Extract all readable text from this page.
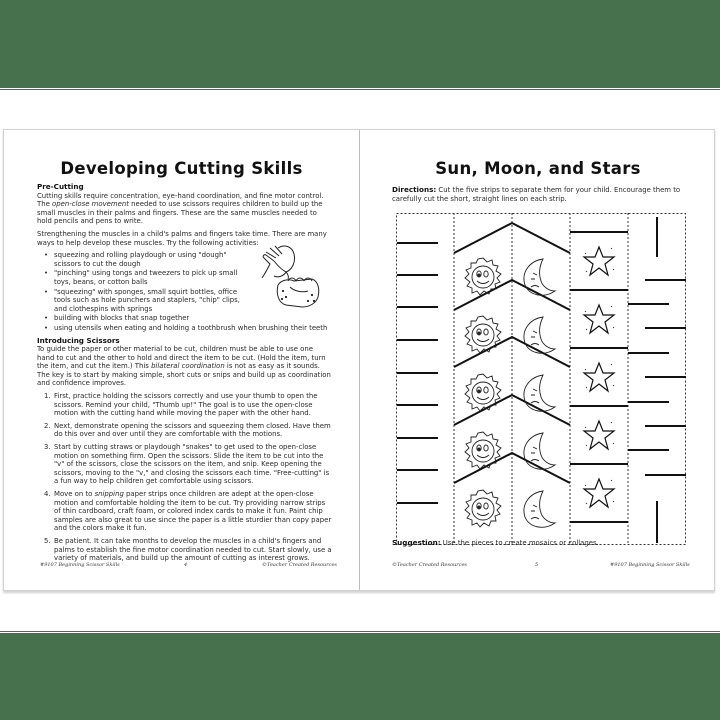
Developing Cutting Skills
Pre-Cutting
Cutting skills require concentration, eye-hand coordination, and fine motor control. The open-close movement needed to use scissors requires children to build up the small muscles in their palms and fingers. These are the same muscles needed to hold pencils and pens to write.
Strengthening the muscles in a child's palms and fingers take time. There are many ways to help develop these muscles. Try the following activities:
• squeezing and rolling playdough or using "dough" scissors to cut the dough
• "pinching" using tongs and tweezers to pick up small toys, beans, or cotton balls
• "squeezing" with sponges, small squirt bottles, office tools such as hole punchers and staplers, "chip" clips, and clothespins with springs
• building with blocks that snap together
• using utensils when eating and holding a toothbrush when brushing their teeth
Introducing Scissors
To guide the paper or other material to be cut, children must be able to use one hand to cut and the other to hold and direct the item to be cut. (Hold the item, turn the item, and cut the item.) This bilateral coordination is not as easy as it sounds. The key is to start by making simple, short cuts or snips and build up as coordination and confidence improves.
1. First, practice holding the scissors correctly and use your thumb to open the scissors. Remind your child, "Thumb up!" The goal is to use the open-close motion with the cutting hand while moving the paper with the other hand.
2. Next, demonstrate opening the scissors and squeezing them closed. Have them do this over and over until they are comfortable with the motions.
3. Start by cutting straws or playdough "snakes" to get used to the open-close motion on something firm. Open the scissors. Slide the item to be cut into the "v" of the scissors, close the scissors on the item, and snip. Keep opening the scissors, moving to the "v," and closing the scissors each time. "Free-cutting" is a fun way to help children get comfortable using scissors.
4. Move on to snipping paper strips once children are adept at the open-close motion and comfortable holding the item to be cut. Try providing narrow strips of thin cardboard, craft foam, or colored index cards to make it fun. Paint chip samples are also great to use since the paper is a little sturdier than copy paper and the colors make it fun.
5. Be patient. It can take months to develop the muscles in a child's fingers and palms to establish the fine motor coordination needed to cut. Start slowly, use a variety of materials, and build up the amount of cutting as interest grows.
#9107 Beginning Scissor Skills	4	©Teacher Created Resources
Sun, Moon, and Stars
Directions: Cut the five strips to separate them for your child. Encourage them to carefully cut the short, straight lines on each strip.
Suggestion: Use the pieces to create mosaics or collages.
©Teacher Created Resources	5	#9107 Beginning Scissor Skills
